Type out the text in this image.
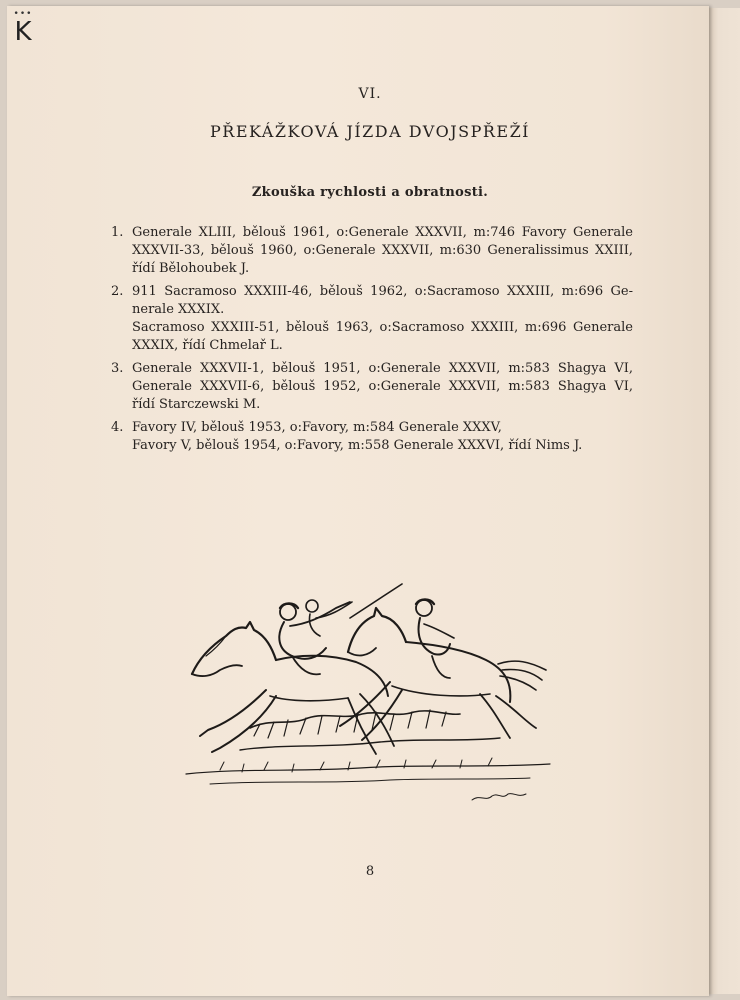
•••
K
VI.
PŘEKÁŽKOVÁ JÍZDA DVOJSPŘEŽÍ
Zkouška rychlosti a obratnosti.
1. Generale XLIII, bělouš 1961, o:Generale XXXVII, m:746 Favory Generale
XXXVII-33, bělouš 1960, o:Generale XXXVII, m:630 Generalissimus XXIII,
řídí Bělohoubek J.
2. 911 Sacramoso XXXIII-46, bělouš 1962, o:Sacramoso XXXIII, m:696 Ge-
nerale XXXIX.
Sacramoso XXXIII-51, bělouš 1963, o:Sacramoso XXXIII, m:696 Generale
XXXIX, řídí Chmelař L.
3. Generale XXXVII-1, bělouš 1951, o:Generale XXXVII, m:583 Shagya VI,
Generale XXXVII-6, bělouš 1952, o:Generale XXXVII, m:583 Shagya VI,
řídí Starczewski M.
4. Favory IV, bělouš 1953, o:Favory, m:584 Generale XXXV,
Favory V, bělouš 1954, o:Favory, m:558 Generale XXXVI, řídí Nims J.
8
